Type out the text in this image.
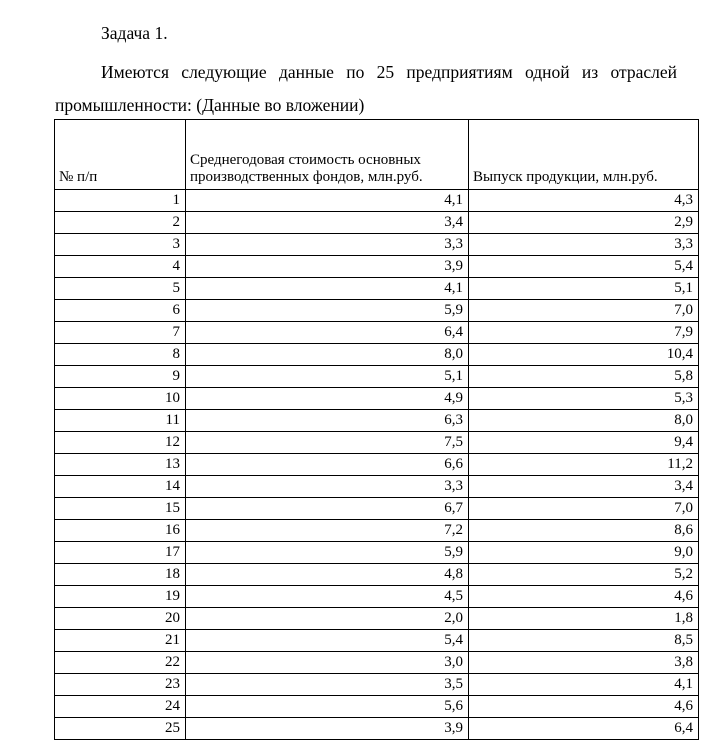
Задача 1.
Имеются следующие данные по 25 предприятиям одной из отраслей
промышленности: (Данные во вложении)
№ п/п	Среднегодовая стоимость основных производственных фондов, млн.руб.	Выпуск продукции, млн.руб.
1	4,1	4,3
2	3,4	2,9
3	3,3	3,3
4	3,9	5,4
5	4,1	5,1
6	5,9	7,0
7	6,4	7,9
8	8,0	10,4
9	5,1	5,8
10	4,9	5,3
11	6,3	8,0
12	7,5	9,4
13	6,6	11,2
14	3,3	3,4
15	6,7	7,0
16	7,2	8,6
17	5,9	9,0
18	4,8	5,2
19	4,5	4,6
20	2,0	1,8
21	5,4	8,5
22	3,0	3,8
23	3,5	4,1
24	5,6	4,6
25	3,9	6,4
